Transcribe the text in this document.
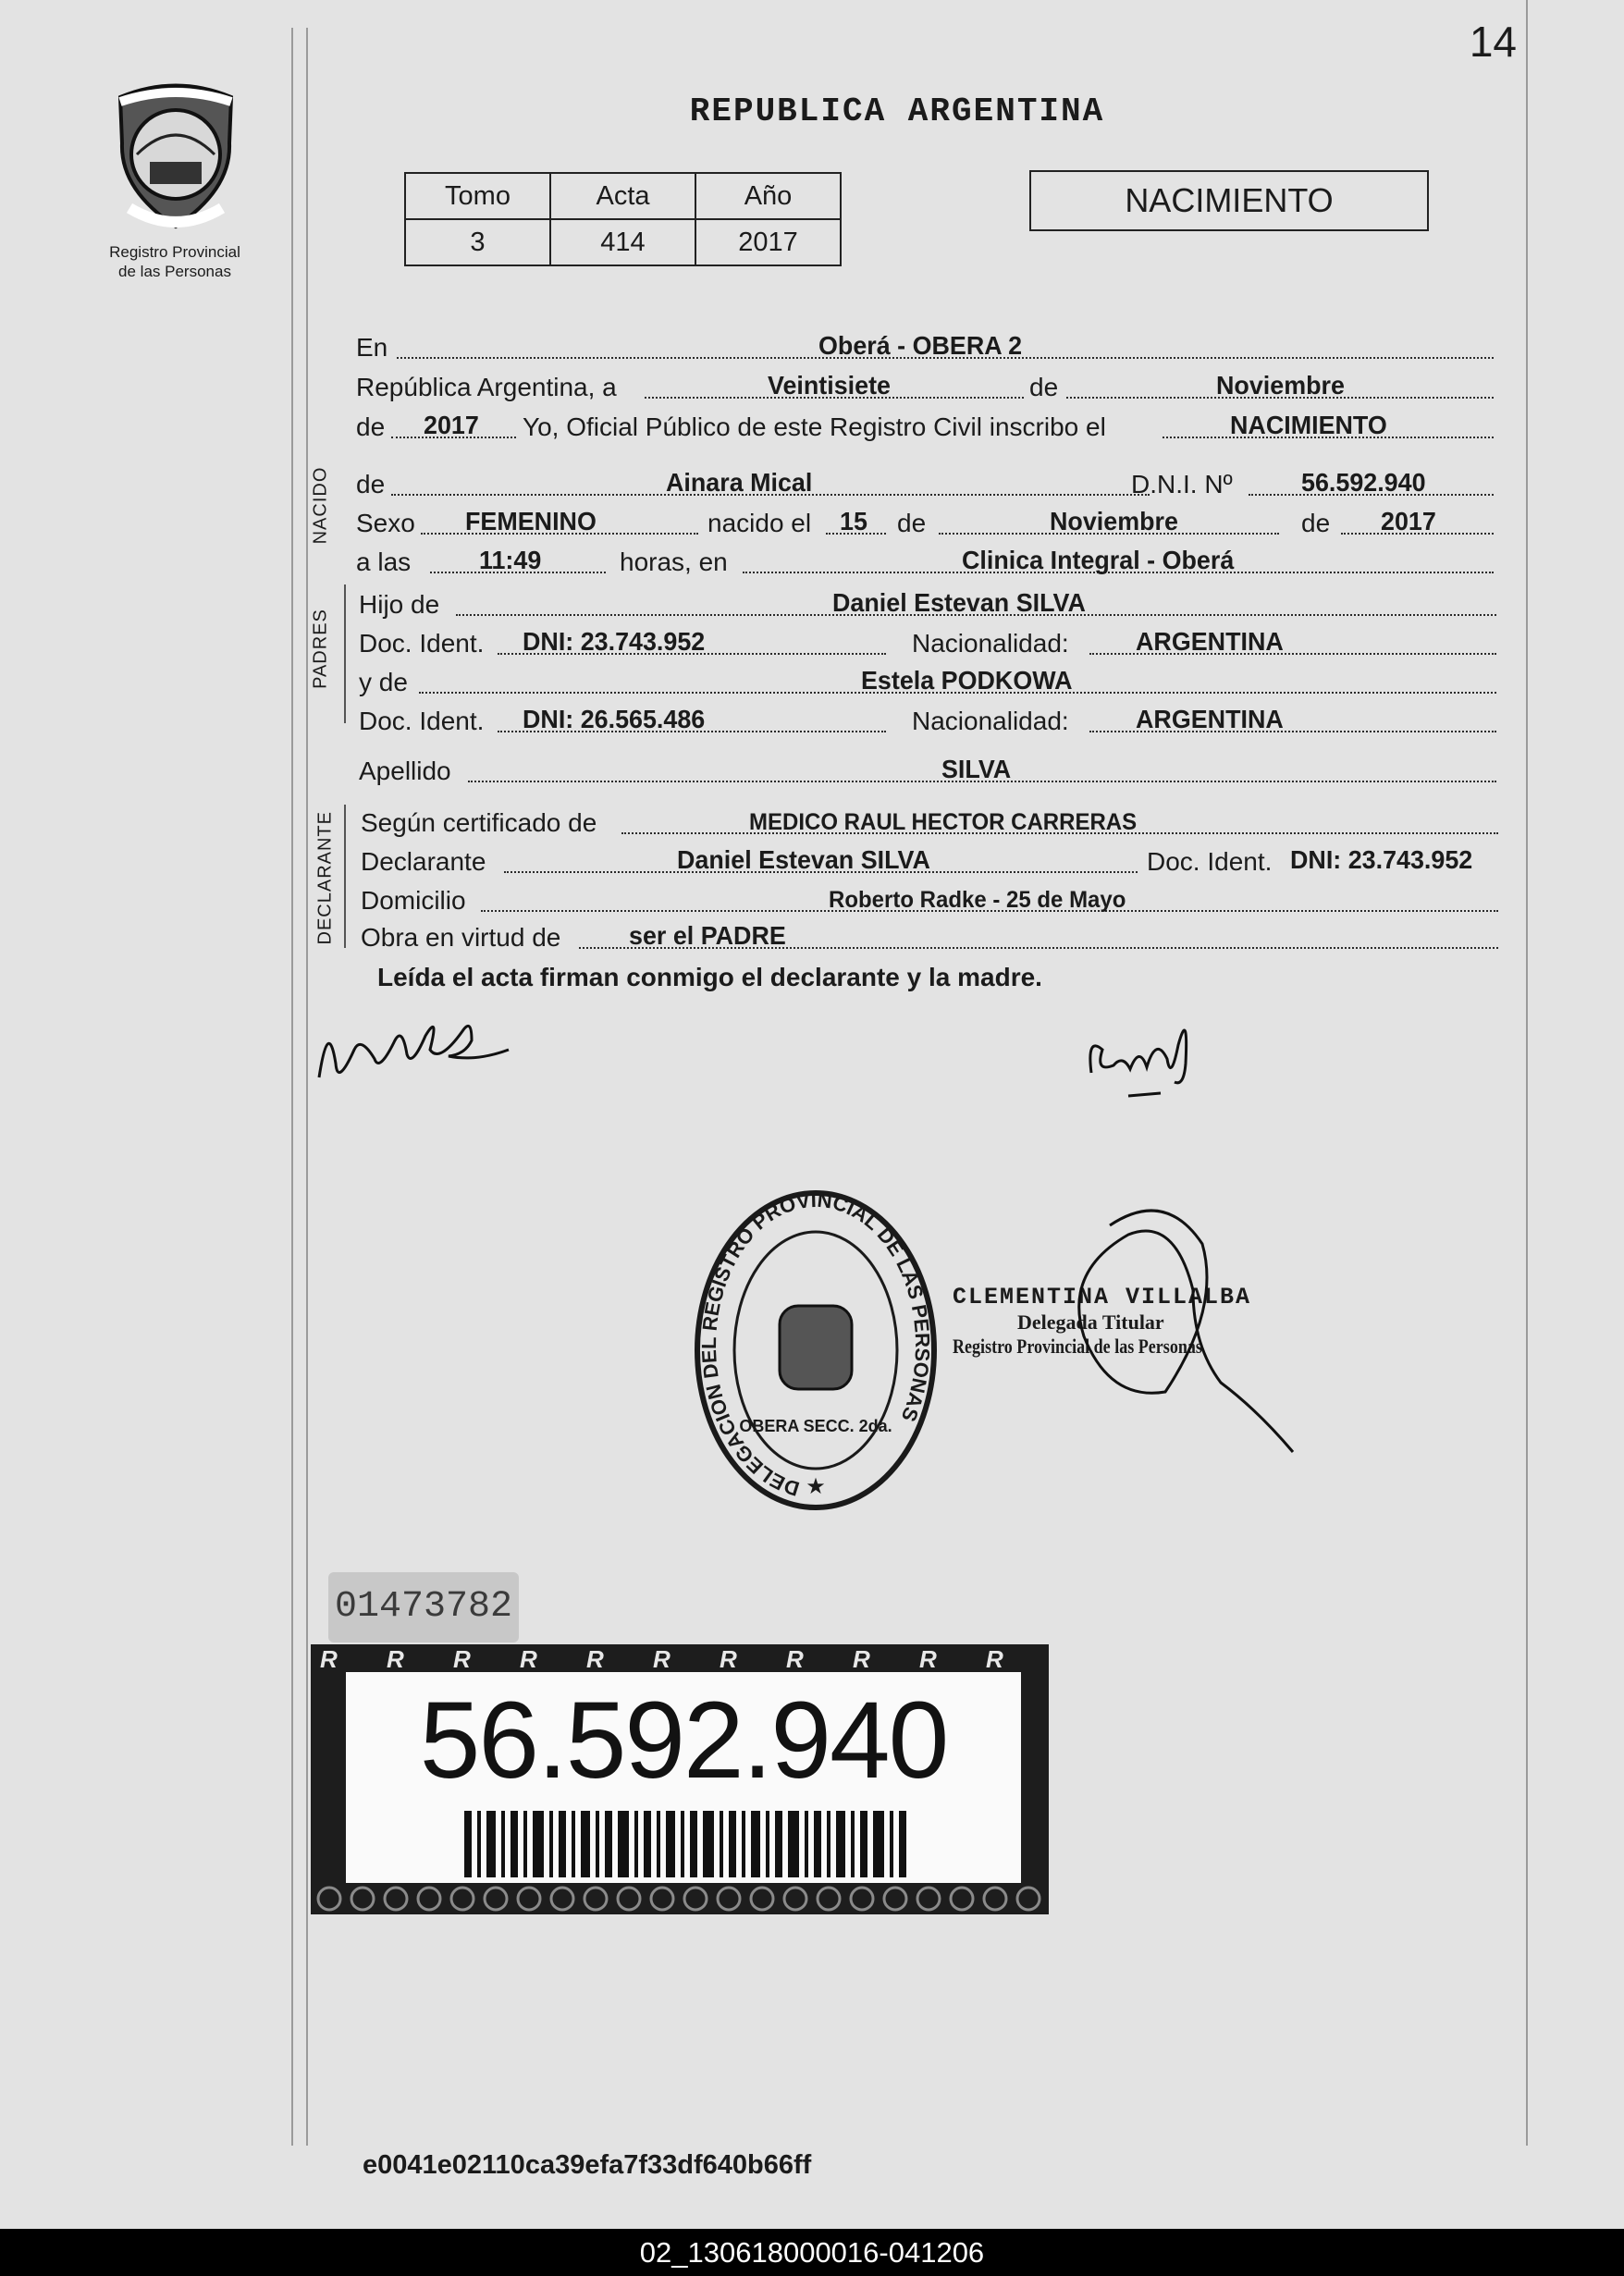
14
Registro Provincial
de las Personas
REPUBLICA ARGENTINA
Tomo	Acta	Año
3	414	2017
NACIMIENTO
En	Oberá - OBERA 2
República Argentina, a	Veintisiete	de	Noviembre
de 2017 Yo, Oficial Público de este Registro Civil inscribo el	NACIMIENTO
NACIDO de	Ainara Mical	D.N.I. Nº	56.592.940
Sexo FEMENINO	nacido el 15 de	Noviembre	de 2017
a las	11:49	horas, en	Clinica Integral - Oberá
PADRES
Hijo de	Daniel Estevan SILVA
Doc. Ident. DNI: 23.743.952	Nacionalidad:	ARGENTINA
y de	Estela PODKOWA
Doc. Ident. DNI: 26.565.486	Nacionalidad:	ARGENTINA
Apellido	SILVA
DECLARANTE Según certificado de	MEDICO RAUL HECTOR CARRERAS
Declarante	Daniel Estevan SILVA	Doc. Ident. DNI: 23.743.952
Domicilio	Roberto Radke - 25 de Mayo
Obra en virtud de	ser el PADRE
Leída el acta firman conmigo el declarante y la madre.
DELEGACION DEL REGISTRO PROVINCIAL DE LAS PERSONAS
OBERA SECC. 2da.
★
CLEMENTINA VILLALBA
Delegada Titular
Registro Provincial de las Personas
01473782
R R R R R R R R R R R
56.592.940
e0041e02110ca39efa7f33df640b66ff
02_130618000016-041206
